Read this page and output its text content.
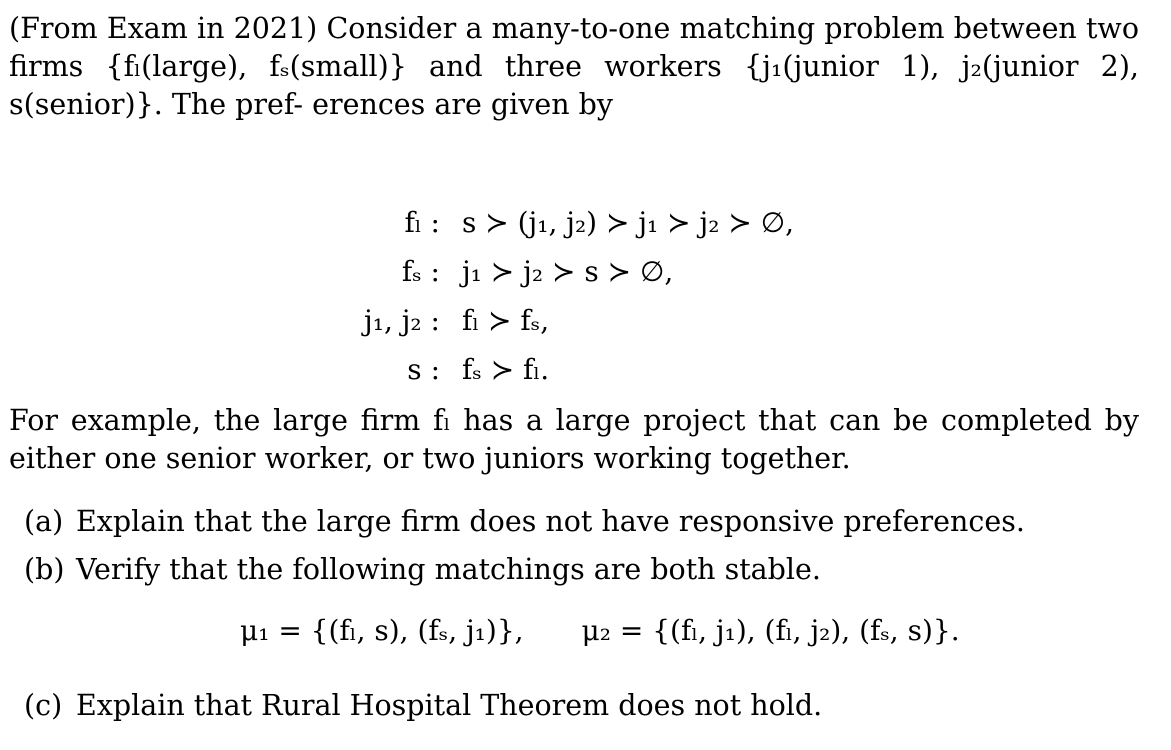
(From Exam in 2021) Consider a many-to-one matching problem between two firms {fₗ(large), fₛ(small)} and three workers {j₁(junior 1), j₂(junior 2), s(senior)}. The pref- erences are given by
fₗ : s ≻ (j₁, j₂) ≻ j₁ ≻ j₂ ≻ ∅,
fₛ : j₁ ≻ j₂ ≻ s ≻ ∅,
j₁, j₂ : fₗ ≻ fₛ,
s : fₛ ≻ fₗ.
For example, the large firm fₗ has a large project that can be completed by either one senior worker, or two juniors working together.
(a) Explain that the large firm does not have responsive preferences.
(b) Verify that the following matchings are both stable.
μ₁ = {(fₗ, s), (fₛ, j₁)}, μ₂ = {(fₗ, j₁), (fₗ, j₂), (fₛ, s)}.
(c) Explain that Rural Hospital Theorem does not hold.
